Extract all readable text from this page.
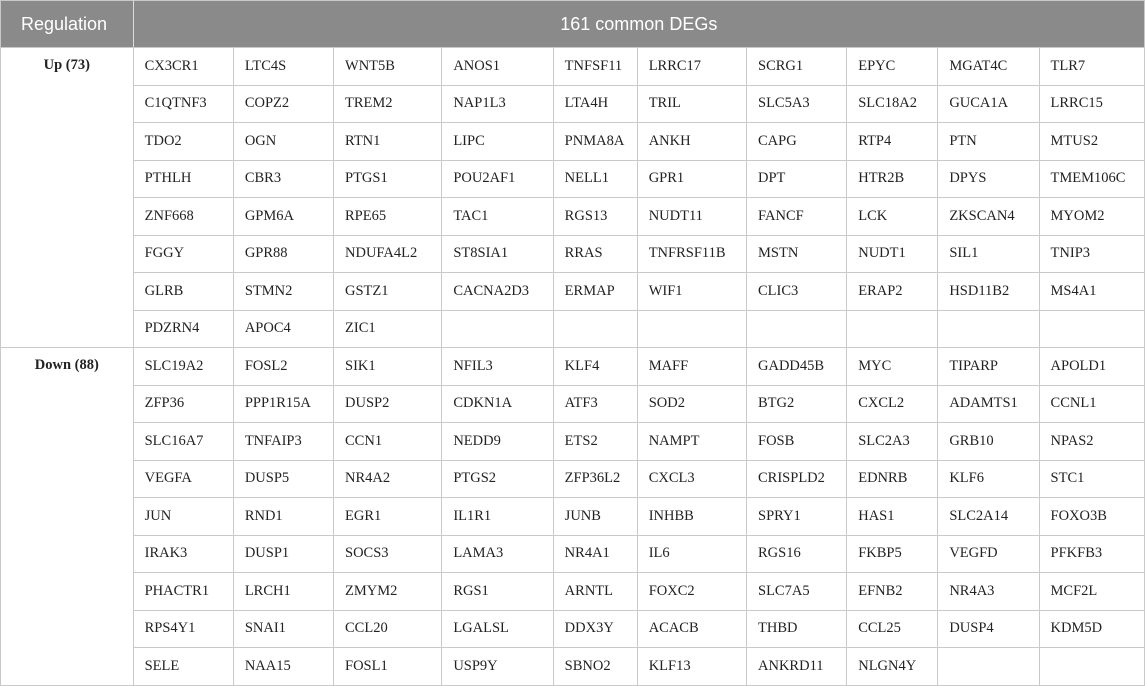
Regulation	161 common DEGs									
Up (73)	CX3CR1	LTC4S	WNT5B	ANOS1	TNFSF11	LRRC17	SCRG1	EPYC	MGAT4C	TLR7
	C1QTNF3	COPZ2	TREM2	NAP1L3	LTA4H	TRIL	SLC5A3	SLC18A2	GUCA1A	LRRC15
	TDO2	OGN	RTN1	LIPC	PNMA8A	ANKH	CAPG	RTP4	PTN	MTUS2
	PTHLH	CBR3	PTGS1	POU2AF1	NELL1	GPR1	DPT	HTR2B	DPYS	TMEM106C
	ZNF668	GPM6A	RPE65	TAC1	RGS13	NUDT11	FANCF	LCK	ZKSCAN4	MYOM2
	FGGY	GPR88	NDUFA4L2	ST8SIA1	RRAS	TNFRSF11B	MSTN	NUDT1	SIL1	TNIP3
	GLRB	STMN2	GSTZ1	CACNA2D3	ERMAP	WIF1	CLIC3	ERAP2	HSD11B2	MS4A1
	PDZRN4	APOC4	ZIC1							
Down (88)	SLC19A2	FOSL2	SIK1	NFIL3	KLF4	MAFF	GADD45B	MYC	TIPARP	APOLD1
	ZFP36	PPP1R15A	DUSP2	CDKN1A	ATF3	SOD2	BTG2	CXCL2	ADAMTS1	CCNL1
	SLC16A7	TNFAIP3	CCN1	NEDD9	ETS2	NAMPT	FOSB	SLC2A3	GRB10	NPAS2
	VEGFA	DUSP5	NR4A2	PTGS2	ZFP36L2	CXCL3	CRISPLD2	EDNRB	KLF6	STC1
	JUN	RND1	EGR1	IL1R1	JUNB	INHBB	SPRY1	HAS1	SLC2A14	FOXO3B
	IRAK3	DUSP1	SOCS3	LAMA3	NR4A1	IL6	RGS16	FKBP5	VEGFD	PFKFB3
	PHACTR1	LRCH1	ZMYM2	RGS1	ARNTL	FOXC2	SLC7A5	EFNB2	NR4A3	MCF2L
	RPS4Y1	SNAI1	CCL20	LGALSL	DDX3Y	ACACB	THBD	CCL25	DUSP4	KDM5D
	SELE	NAA15	FOSL1	USP9Y	SBNO2	KLF13	ANKRD11	NLGN4Y		
